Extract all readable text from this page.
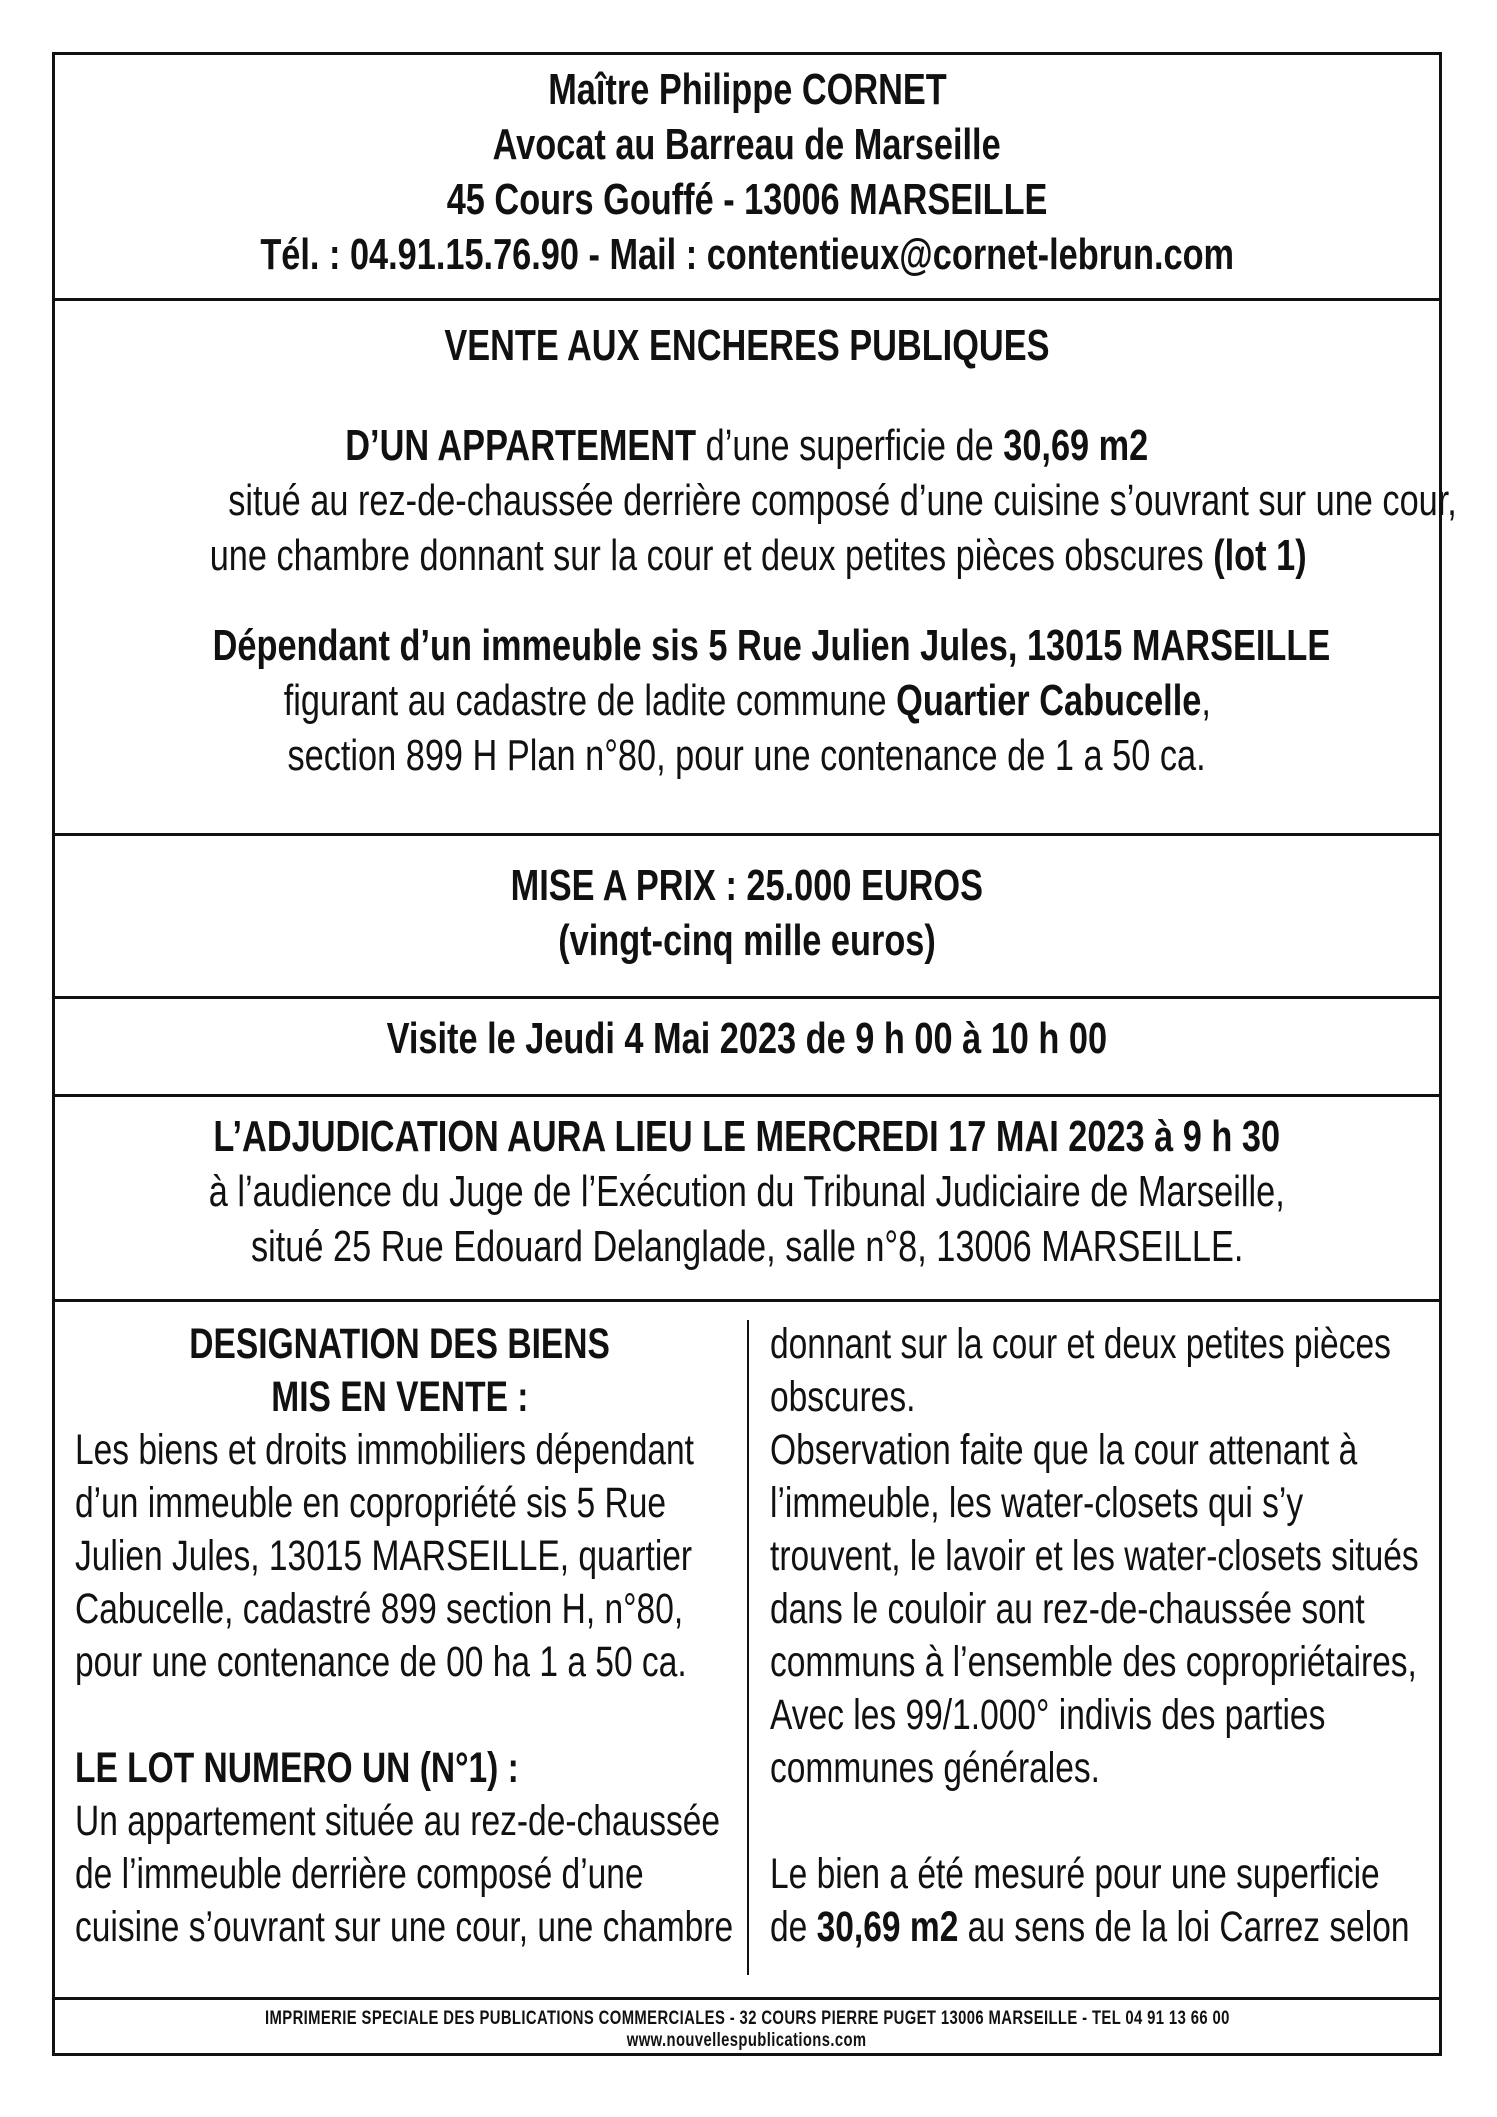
Maître Philippe CORNET
Avocat au Barreau de Marseille
45 Cours Gouffé - 13006 MARSEILLE
Tél. : 04.91.15.76.90 - Mail : contentieux@cornet-lebrun.com
VENTE AUX ENCHERES PUBLIQUES
D’UN APPARTEMENT d’une superficie de 30,69 m2
situé au rez-de-chaussée derrière composé d’une cuisine s’ouvrant sur une cour,
une chambre donnant sur la cour et deux petites pièces obscures (lot 1)
Dépendant d’un immeuble sis 5 Rue Julien Jules, 13015 MARSEILLE
figurant au cadastre de ladite commune Quartier Cabucelle,
section 899 H Plan n°80, pour une contenance de 1 a 50 ca.
MISE A PRIX : 25.000 EUROS
(vingt-cinq mille euros)
Visite le Jeudi 4 Mai 2023 de 9 h 00 à 10 h 00
L’ADJUDICATION AURA LIEU LE MERCREDI 17 MAI 2023 à 9 h 30
à l’audience du Juge de l’Exécution du Tribunal Judiciaire de Marseille,
situé 25 Rue Edouard Delanglade, salle n°8, 13006 MARSEILLE.
DESIGNATION DES BIENS
MIS EN VENTE :
Les biens et droits immobiliers dépendant
d’un immeuble en copropriété sis 5 Rue
Julien Jules, 13015 MARSEILLE, quartier
Cabucelle, cadastré 899 section H, n°80,
pour une contenance de 00 ha 1 a 50 ca.
LE LOT NUMERO UN (N°1) :
Un appartement située au rez-de-chaussée
de l’immeuble derrière composé d’une
cuisine s’ouvrant sur une cour, une chambre
donnant sur la cour et deux petites pièces
obscures.
Observation faite que la cour attenant à
l’immeuble, les water-closets qui s’y
trouvent, le lavoir et les water-closets situés
dans le couloir au rez-de-chaussée sont
communs à l’ensemble des copropriétaires,
Avec les 99/1.000° indivis des parties
communes générales.
Le bien a été mesuré pour une superficie
de 30,69 m2 au sens de la loi Carrez selon
IMPRIMERIE SPECIALE DES PUBLICATIONS COMMERCIALES - 32 COURS PIERRE PUGET 13006 MARSEILLE - TEL 04 91 13 66 00
www.nouvellespublications.com
